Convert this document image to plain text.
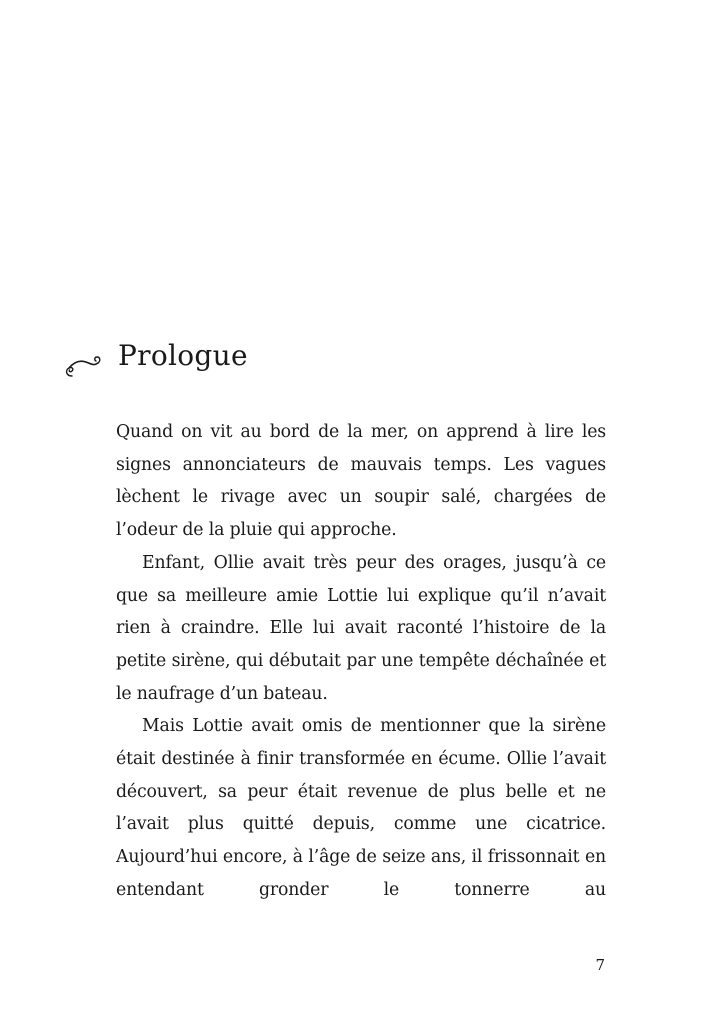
Prologue

Quand on vit au bord de la mer, on apprend à lire les signes annonciateurs de mauvais temps. Les vagues lèchent le rivage avec un soupir salé, chargées de l’odeur de la pluie qui approche.

Enfant, Ollie avait très peur des orages, jusqu’à ce que sa meilleure amie Lottie lui explique qu’il n’avait rien à craindre. Elle lui avait raconté l’histoire de la petite sirène, qui débutait par une tempête déchaînée et le naufrage d’un bateau.

Mais Lottie avait omis de mentionner que la sirène était destinée à finir transformée en écume. Ollie l’avait découvert, sa peur était revenue de plus belle et ne l’avait plus quitté depuis, comme une cicatrice. Aujourd’hui encore, à l’âge de seize ans, il frissonnait en entendant gronder le tonnerre au

7
